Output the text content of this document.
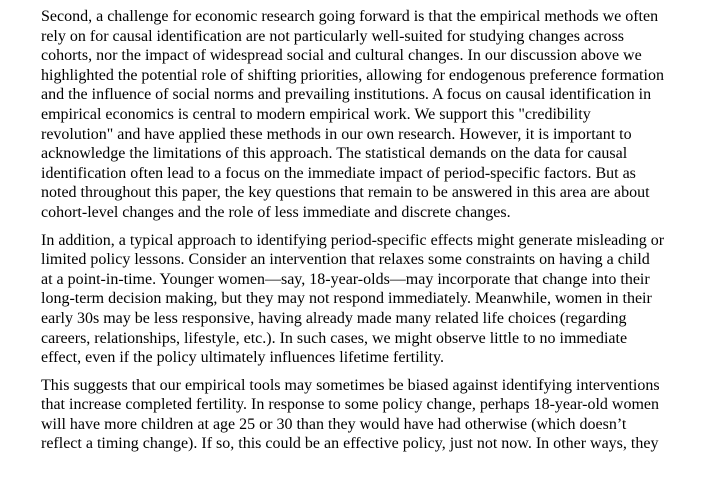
Second, a challenge for economic research going forward is that the empirical methods we often
rely on for causal identification are not particularly well-suited for studying changes across
cohorts, nor the impact of widespread social and cultural changes. In our discussion above we
highlighted the potential role of shifting priorities, allowing for endogenous preference formation
and the influence of social norms and prevailing institutions. A focus on causal identification in
empirical economics is central to modern empirical work. We support this "credibility
revolution" and have applied these methods in our own research. However, it is important to
acknowledge the limitations of this approach. The statistical demands on the data for causal
identification often lead to a focus on the immediate impact of period-specific factors. But as
noted throughout this paper, the key questions that remain to be answered in this area are about
cohort-level changes and the role of less immediate and discrete changes.

In addition, a typical approach to identifying period-specific effects might generate misleading or
limited policy lessons. Consider an intervention that relaxes some constraints on having a child
at a point-in-time. Younger women—say, 18-year-olds—may incorporate that change into their
long-term decision making, but they may not respond immediately. Meanwhile, women in their
early 30s may be less responsive, having already made many related life choices (regarding
careers, relationships, lifestyle, etc.). In such cases, we might observe little to no immediate
effect, even if the policy ultimately influences lifetime fertility.

This suggests that our empirical tools may sometimes be biased against identifying interventions
that increase completed fertility. In response to some policy change, perhaps 18-year-old women
will have more children at age 25 or 30 than they would have had otherwise (which doesn’t
reflect a timing change). If so, this could be an effective policy, just not now. In other ways, they
